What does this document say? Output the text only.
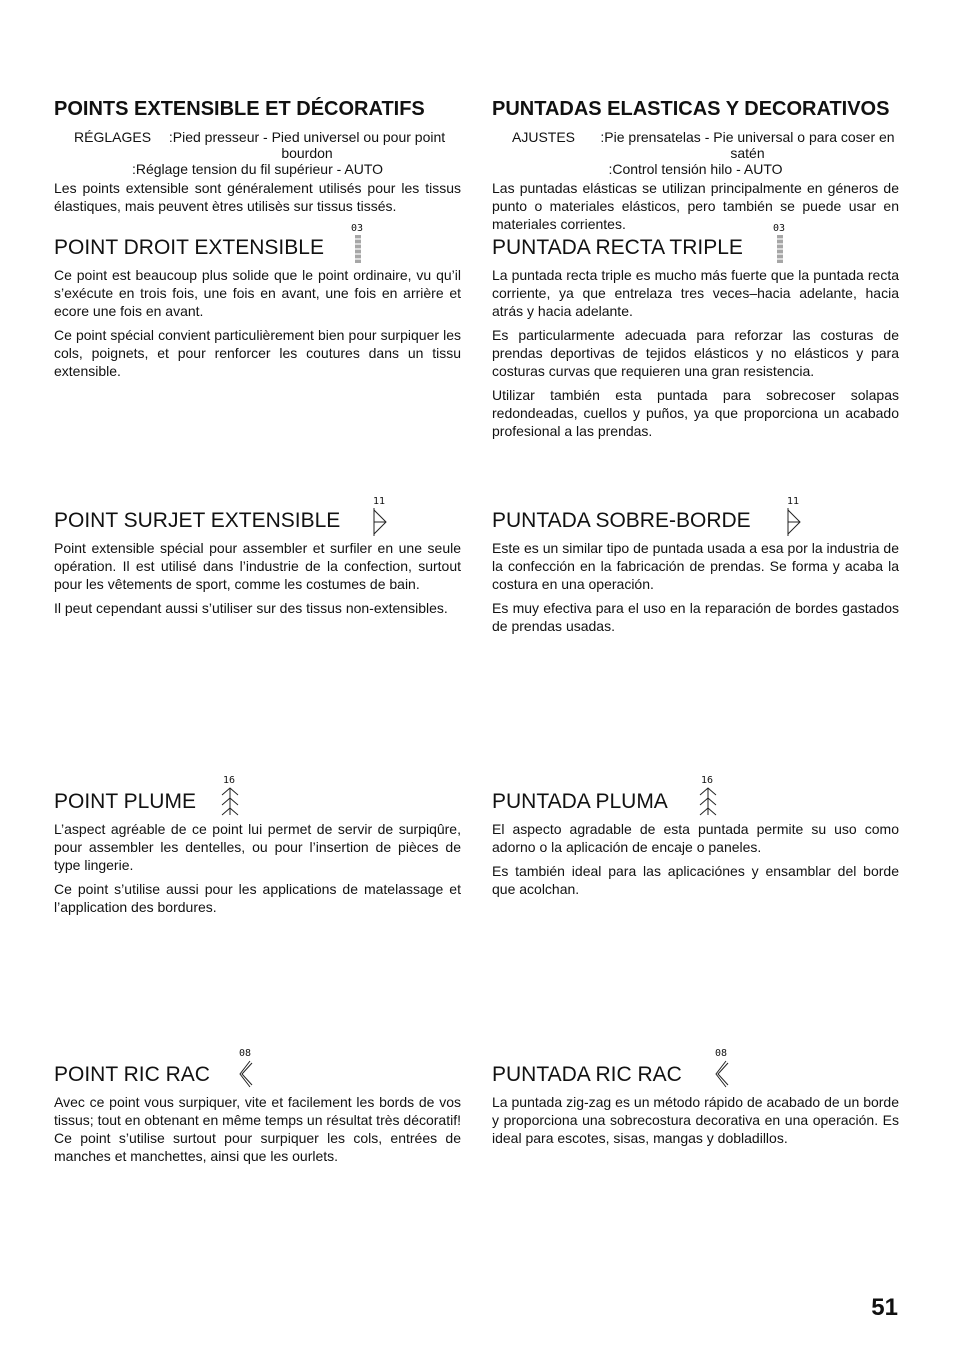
POINTS EXTENSIBLE ET DÉCORATIFS
RÉGLAGES	:Pied presseur - Pied universel ou pour point bourdon
:Réglage tension du fil supérieur - AUTO

Les points extensible sont généralement utilisés pour les tissus élastiques, mais peuvent ètres utilisès sur tissus tissés.

POINT DROIT EXTENSIBLE
03

Ce point est beaucoup plus solide que le point ordinaire, vu qu’il s’exécute en trois fois, une fois en avant, une fois en arrière et ecore une fois en avant.

Ce point spécial convient particulièrement bien pour surpiquer les cols, poignets, et pour renforcer les coutures dans un tissu extensible.

POINT SURJET EXTENSIBLE
11

Point extensible spécial pour assembler et surfiler en une seule opération. Il est utilisé dans l’industrie de la confection, surtout pour les vêtements de sport, comme les costumes de bain.

Il peut cependant aussi s’utiliser sur des tissus non-extensibles.

POINT PLUME
16

L’aspect agréable de ce point lui permet de servir de surpiqûre, pour assembler les dentelles, ou pour l’insertion de pièces de type lingerie.

Ce point s’utilise aussi pour les applications de matelassage et l’application des bordures.

POINT RIC RAC
08

Avec ce point vous surpiquer, vite et facilement les bords de vos tissus; tout en obtenant en même temps un résultat très décoratif! Ce point s’utilise surtout pour surpiquer les cols, entrées de manches et manchettes, ainsi que les ourlets.

PUNTADAS ELASTICAS Y DECORATIVOS
AJUSTES	:Pie prensatelas - Pie universal o para coser en satén
:Control tensión hilo - AUTO

Las puntadas elásticas se utilizan principalmente en géneros de punto o materiales elásticos, pero también se puede usar en materiales corrientes.

PUNTADA RECTA TRIPLE
03

La puntada recta triple es mucho más fuerte que la puntada recta corriente, ya que entrelaza tres veces–hacia adelante, hacia atrás y hacia adelante.

Es particularmente adecuada para reforzar las costuras de prendas deportivas de tejidos elásticos y no elásticos y para costuras curvas que requieren una gran resistencia.

Utilizar también esta puntada para sobrecoser solapas redondeadas, cuellos y puños, ya que proporciona un acabado profesional a las prendas.

PUNTADA SOBRE-BORDE
11

Este es un similar tipo de puntada usada a esa por la industria de la confección en la fabricación de prendas. Se forma y acaba la costura en una operación.

Es muy efectiva para el uso en la reparación de bordes gastados de prendas usadas.

PUNTADA PLUMA
16

El aspecto agradable de esta puntada permite su uso como adorno o la aplicación de encaje o paneles.

Es también ideal para las aplicaciónes y ensamblar del borde que acolchan.

PUNTADA RIC RAC
08

La puntada zig-zag es un método rápido de acabado de un borde y proporciona una sobrecostura decorativa en una operación. Es ideal para escotes, sisas, mangas y dobladillos.

51
